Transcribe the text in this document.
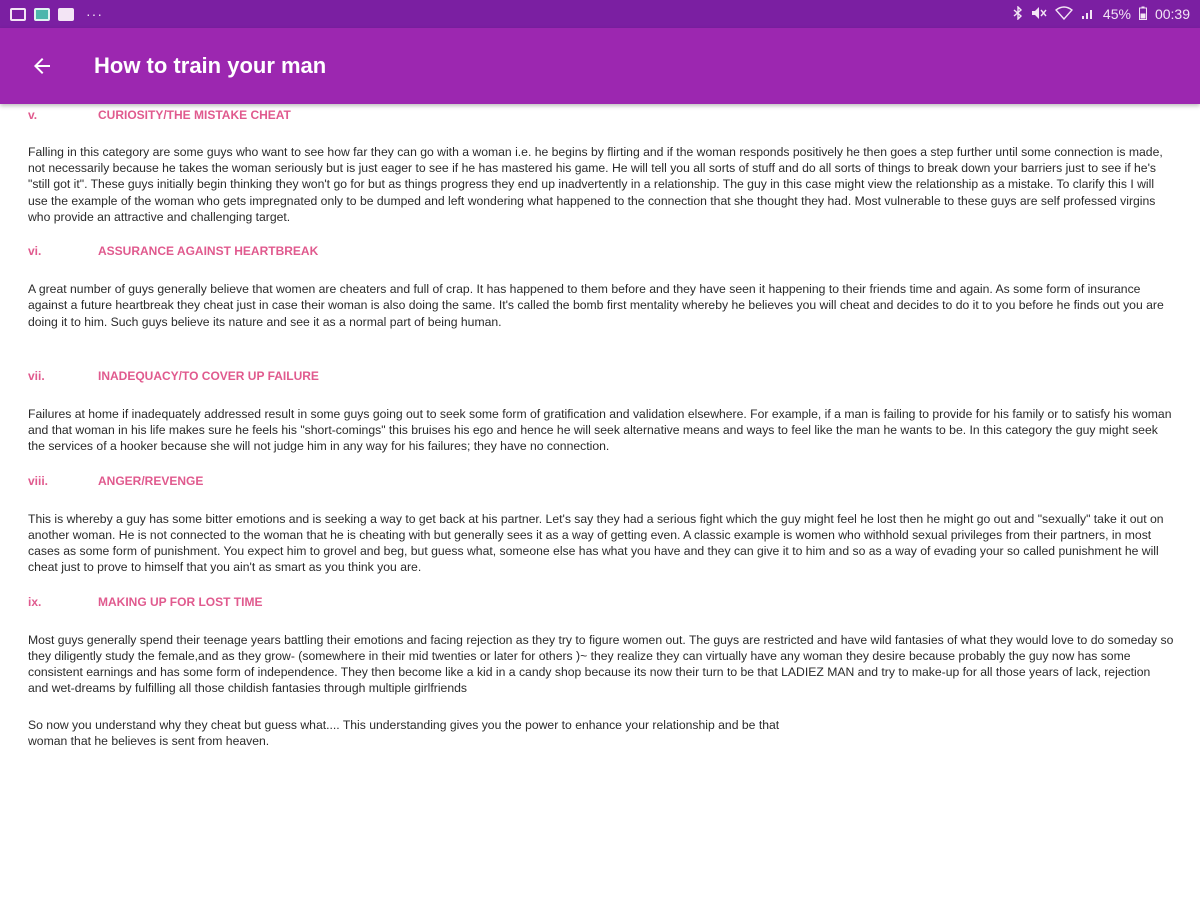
···	45% 00:39
How to train your man
v.	CURIOSITY/THE MISTAKE CHEAT

Falling in this category are some guys who want to see how far they can go with a woman i.e. he begins by flirting and if the woman responds positively he then goes a step further until some connection is made, not necessarily because he takes the woman seriously but is just eager to see if he has mastered his game. He will tell you all sorts of stuff and do all sorts of things to break down your barriers just to see if he's "still got it". These guys initially begin thinking they won't go for but as things progress they end up inadvertently in a relationship. The guy in this case might view the relationship as a mistake. To clarify this I will use the example of the woman who gets impregnated only to be dumped and left wondering what happened to the connection that she thought they had. Most vulnerable to these guys are self professed virgins who provide an attractive and challenging target.

vi.	ASSURANCE AGAINST HEARTBREAK

A great number of guys generally believe that women are cheaters and full of crap. It has happened to them before and they have seen it happening to their friends time and again. As some form of insurance against a future heartbreak they cheat just in case their woman is also doing the same. It's called the bomb first mentality whereby he believes you will cheat and decides to do it to you before he finds out you are doing it to him. Such guys believe its nature and see it as a normal part of being human.

vii.	INADEQUACY/TO COVER UP FAILURE

Failures at home if inadequately addressed result in some guys going out to seek some form of gratification and validation elsewhere. For example, if a man is failing to provide for his family or to satisfy his woman and that woman in his life makes sure he feels his "short-comings" this bruises his ego and hence he will seek alternative means and ways to feel like the man he wants to be. In this category the guy might seek the services of a hooker because she will not judge him in any way for his failures; they have no connection.

viii.	ANGER/REVENGE

This is whereby a guy has some bitter emotions and is seeking a way to get back at his partner. Let's say they had a serious fight which the guy might feel he lost then he might go out and "sexually" take it out on another woman. He is not connected to the woman that he is cheating with but generally sees it as a way of getting even. A classic example is women who withhold sexual privileges from their partners, in most cases as some form of punishment. You expect him to grovel and beg, but guess what, someone else has what you have and they can give it to him and so as a way of evading your so called punishment he will cheat just to prove to himself that you ain't as smart as you think you are.

ix.	MAKING UP FOR LOST TIME

Most guys generally spend their teenage years battling their emotions and facing rejection as they try to figure women out. The guys are restricted and have wild fantasies of what they would love to do someday so they diligently study the female,and as they grow- (somewhere in their mid twenties or later for others )~ they realize they can virtually have any woman they desire because probably the guy now has some consistent earnings and has some form of independence. They then become like a kid in a candy shop because its now their turn to be that LADIEZ MAN and try to make-up for all those years of lack, rejection and wet-dreams by fulfilling all those childish fantasies through multiple girlfriends

So now you understand why they cheat but guess what.... This understanding gives you the power to enhance your relationship and be that
woman that he believes is sent from heaven.
